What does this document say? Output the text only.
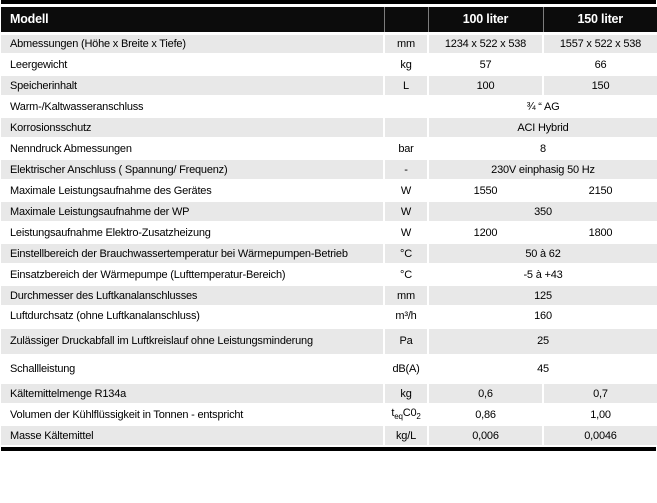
Modell		100 liter	150 liter
Abmessungen (Höhe x Breite x Tiefe)	mm	1234 x 522 x 538	1557 x 522 x 538
Leergewicht	kg	57	66
Speicherinhalt	L	100	150
Warm-/Kaltwasseranschluss		¾ “ AG	
Korrosionsschutz		ACI Hybrid	
Nenndruck Abmessungen	bar	8	
Elektrischer Anschluss ( Spannung/ Frequenz)	-	230V einphasig 50 Hz	
Maximale Leistungsaufnahme des Gerätes	W	1550	2150
Maximale Leistungsaufnahme der WP	W	350	
Leistungsaufnahme Elektro-Zusatzheizung	W	1200	1800
Einstellbereich der Brauchwassertemperatur bei Wärmepumpen-Betrieb	°C	50 à 62	
Einsatzbereich der Wärmepumpe (Lufttemperatur-Bereich)	°C	-5 à +43	
Durchmesser des Luftkanalanschlusses	mm	125	
Luftdurchsatz (ohne Luftkanalanschluss)	m³/h	160	
Zulässiger Druckabfall im Luftkreislauf ohne Leistungsminderung	Pa	25	
Schallleistung	dB(A)	45	
Kältemittelmenge R134a	kg	0,6	0,7
Volumen der Kühlflüssigkeit in Tonnen - entspricht	$t_{eq}C0_2$	0,86	1,00
Masse Kältemittel	kg/L	0,006	0,0046
